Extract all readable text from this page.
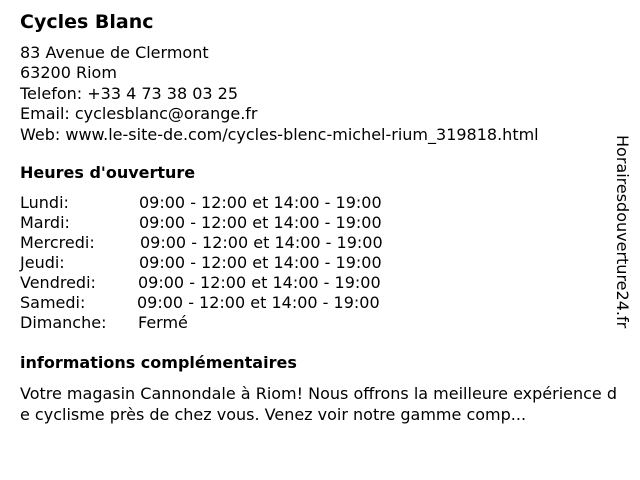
Cycles Blanc
83 Avenue de Clermont
63200 Riom
Telefon: +33 4 73 38 03 25
Email: cyclesblanc@orange.fr
Web: www.le-site-de.com/cycles-blenc-michel-rium_319818.html
Heures d'ouverture
Lundi:	09:00 - 12:00 et 14:00 - 19:00
Mardi:	09:00 - 12:00 et 14:00 - 19:00
Mercredi:	09:00 - 12:00 et 14:00 - 19:00
Jeudi:	09:00 - 12:00 et 14:00 - 19:00
Vendredi:	09:00 - 12:00 et 14:00 - 19:00
Samedi:	09:00 - 12:00 et 14:00 - 19:00
Dimanche: Fermé
informations complémentaires
Votre magasin Cannondale à Riom! Nous offrons la meilleure expérience de cyclisme près de chez vous. Venez voir notre gamme comp...
Horairesdouverture24.fr
